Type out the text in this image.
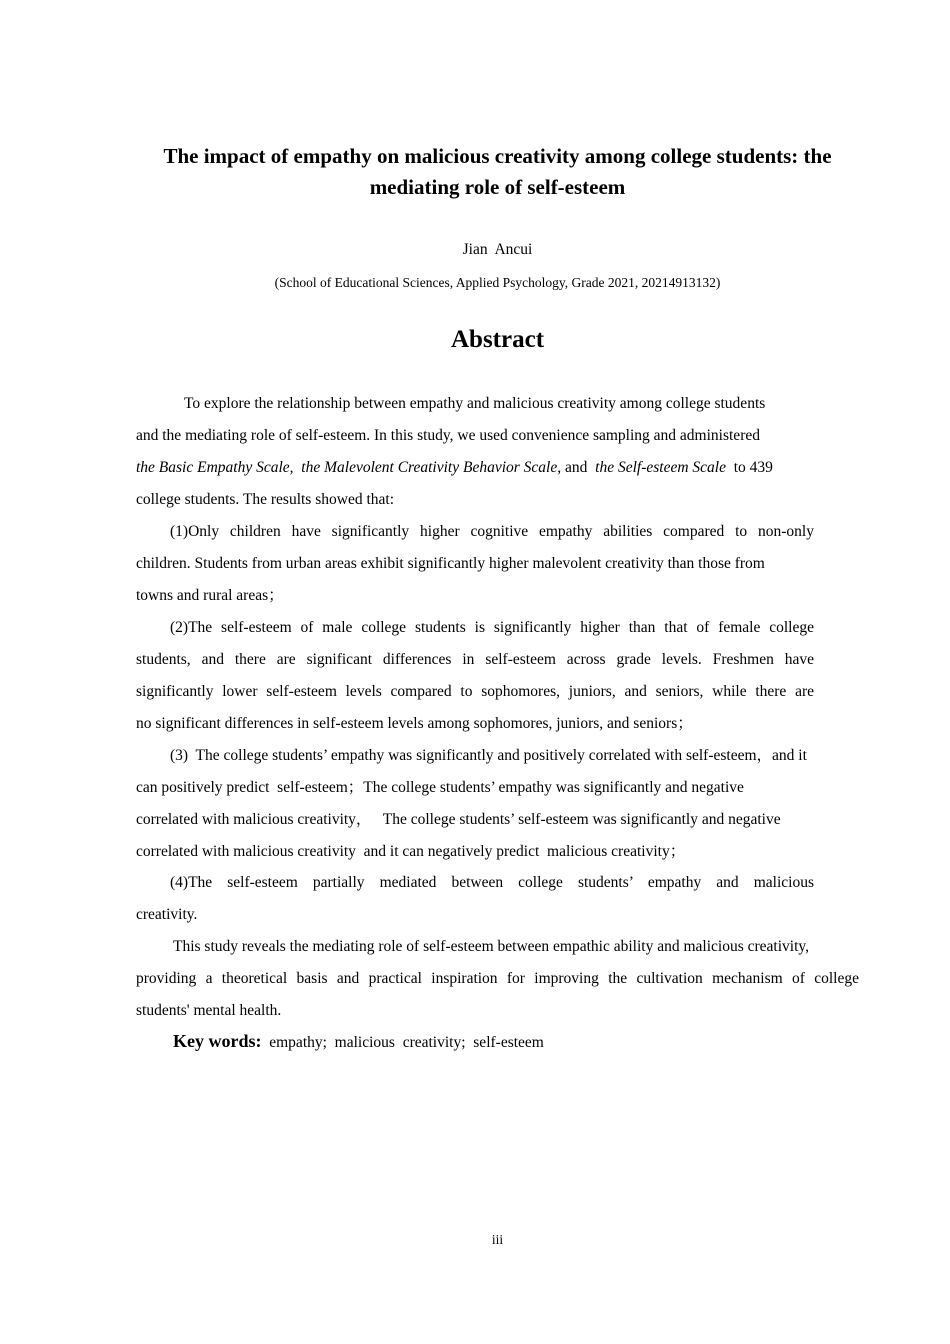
The impact of empathy on malicious creativity among college students: the
mediating role of self-esteem
Jian  Ancui
(School of Educational Sciences, Applied Psychology, Grade 2021, 20214913132)
Abstract
To explore the relationship between empathy and malicious creativity among college students
and the mediating role of self-esteem. In this study, we used convenience sampling and administered
the Basic Empathy Scale, the Malevolent Creativity Behavior Scale, and  the Self-esteem Scale  to 439
college students. The results showed that:
(1)Only children have significantly higher cognitive empathy abilities compared to non-only
children. Students from urban areas exhibit significantly higher malevolent creativity than those from
towns and rural areas；
(2)The self-esteem of male college students is significantly higher than that of female college
students, and there are significant differences in self-esteem across grade levels. Freshmen have
significantly lower self-esteem levels compared to sophomores, juniors, and seniors, while there are
no significant differences in self-esteem levels among sophomores, juniors, and seniors；
(3)  The college students’ empathy was significantly and positively correlated with self-esteem，and it
can positively predict  self-esteem；The college students’ empathy was significantly and negative
correlated with malicious creativity，   The college students’ self-esteem was significantly and negative
correlated with malicious creativity  and it can negatively predict  malicious creativity；
(4)The self-esteem partially mediated between college students’ empathy and malicious
creativity.
This study reveals the mediating role of self-esteem between empathic ability and malicious creativity,
providing a theoretical basis and practical inspiration for improving the cultivation mechanism of college
students' mental health.
Key words: empathy;  malicious  creativity;  self-esteem
iii
